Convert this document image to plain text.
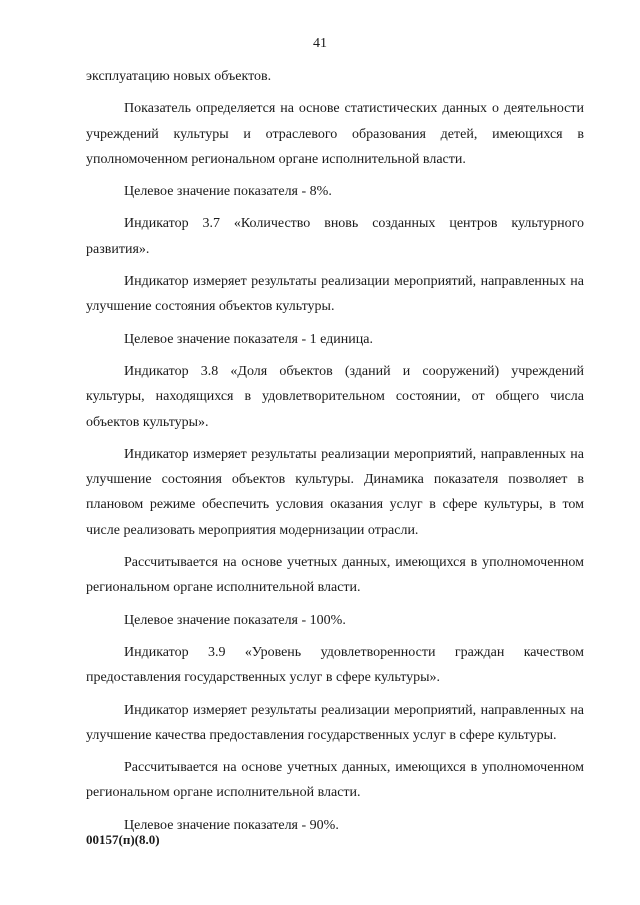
41

эксплуатацию новых объектов.

Показатель определяется на основе статистических данных о деятельности учреждений культуры и отраслевого образования детей, имеющихся в уполномоченном региональном органе исполнительной власти.

Целевое значение показателя - 8%.

Индикатор 3.7 «Количество вновь созданных центров культурного развития».

Индикатор измеряет результаты реализации мероприятий, направленных на улучшение состояния объектов культуры.

Целевое значение показателя - 1 единица.

Индикатор 3.8 «Доля объектов (зданий и сооружений) учреждений культуры, находящихся в удовлетворительном состоянии, от общего числа объектов культуры».

Индикатор измеряет результаты реализации мероприятий, направленных на улучшение состояния объектов культуры. Динамика показателя позволяет в плановом режиме обеспечить условия оказания услуг в сфере культуры, в том числе реализовать мероприятия модернизации отрасли.

Рассчитывается на основе учетных данных, имеющихся в уполномоченном региональном органе исполнительной власти.

Целевое значение показателя - 100%.

Индикатор 3.9 «Уровень удовлетворенности граждан качеством предоставления государственных услуг в сфере культуры».

Индикатор измеряет результаты реализации мероприятий, направленных на улучшение качества предоставления государственных услуг в сфере культуры.

Рассчитывается на основе учетных данных, имеющихся в уполномоченном региональном органе исполнительной власти.

Целевое значение показателя - 90%.

00157(п)(8.0)
